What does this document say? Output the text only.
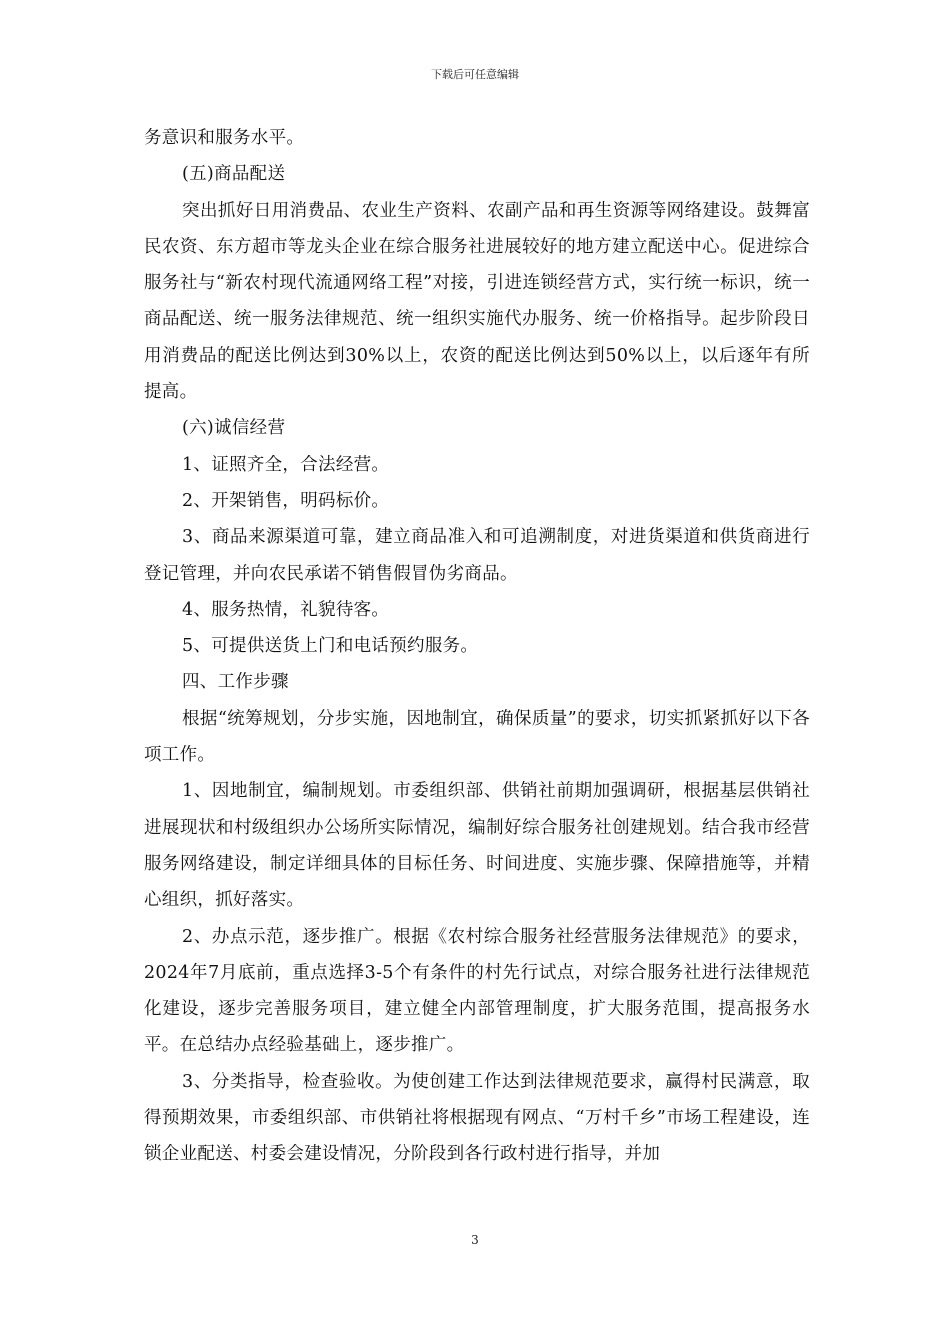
下载后可任意编辑

务意识和服务水平。

(五)商品配送

突出抓好日用消费品、农业生产资料、农副产品和再生资源等网络建设。鼓舞富民农资、东方超市等龙头企业在综合服务社进展较好的地方建立配送中心。促进综合服务社与“新农村现代流通网络工程”对接，引进连锁经营方式，实行统一标识，统一商品配送、统一服务法律规范、统一组织实施代办服务、统一价格指导。起步阶段日用消费品的配送比例达到30%以上，农资的配送比例达到50%以上，以后逐年有所提高。

(六)诚信经营

1、证照齐全，合法经营。

2、开架销售，明码标价。

3、商品来源渠道可靠，建立商品准入和可追溯制度，对进货渠道和供货商进行登记管理，并向农民承诺不销售假冒伪劣商品。

4、服务热情，礼貌待客。

5、可提供送货上门和电话预约服务。

四、工作步骤

根据“统筹规划，分步实施，因地制宜，确保质量”的要求，切实抓紧抓好以下各项工作。

1、因地制宜，编制规划。市委组织部、供销社前期加强调研，根据基层供销社进展现状和村级组织办公场所实际情况，编制好综合服务社创建规划。结合我市经营服务网络建设，制定详细具体的目标任务、时间进度、实施步骤、保障措施等，并精心组织，抓好落实。

2、办点示范，逐步推广。根据《农村综合服务社经营服务法律规范》的要求，2024年7月底前，重点选择3-5个有条件的村先行试点，对综合服务社进行法律规范化建设，逐步完善服务项目，建立健全内部管理制度，扩大服务范围，提高报务水平。在总结办点经验基础上，逐步推广。

3、分类指导，检查验收。为使创建工作达到法律规范要求，赢得村民满意，取得预期效果，市委组织部、市供销社将根据现有网点、“万村千乡”市场工程建设，连锁企业配送、村委会建设情况，分阶段到各行政村进行指导，并加

3
